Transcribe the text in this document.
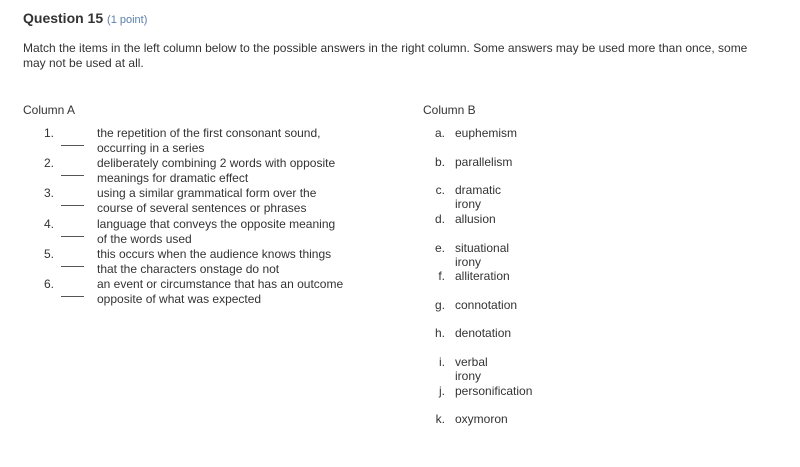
Question 15 (1 point)
Match the items in the left column below to the possible answers in the right column. Some answers may be used more than once, some may not be used at all.
Column A	Column B
1.	the repetition of the first consonant sound, occurring in a series
2.	deliberately combining 2 words with opposite meanings for dramatic effect
3.	using a similar grammatical form over the course of several sentences or phrases
4.	language that conveys the opposite meaning of the words used
5.	this occurs when the audience knows things that the characters onstage do not
6.	an event or circumstance that has an outcome opposite of what was expected
a. euphemism
b. parallelism
c. dramatic irony
d. allusion
e. situational irony
f. alliteration
g. connotation
h. denotation
i. verbal irony
j. personification
k. oxymoron
